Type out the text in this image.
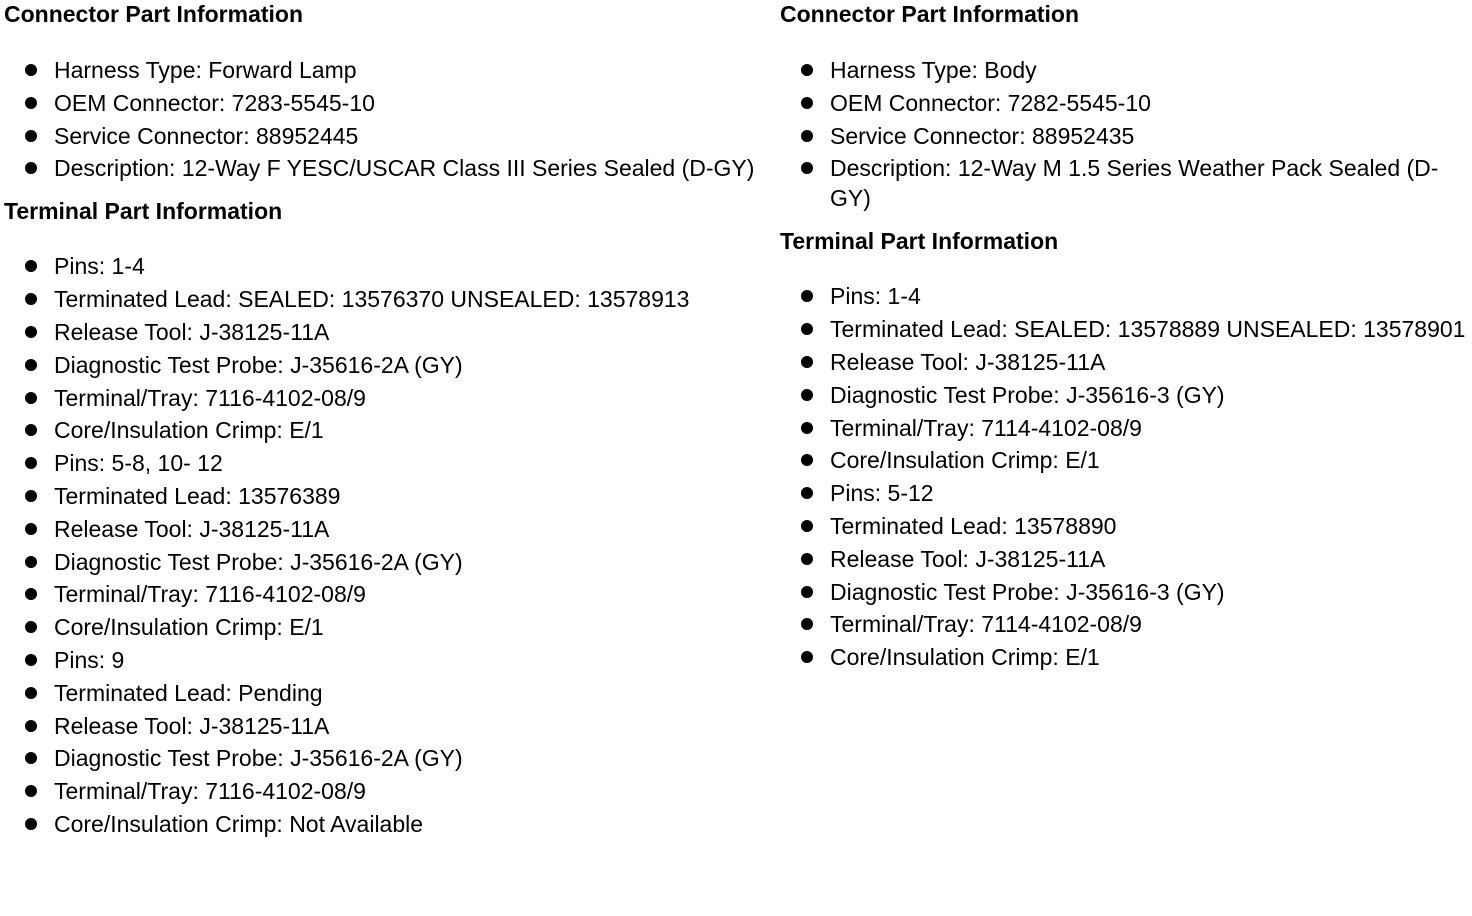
Connector Part Information
Harness Type: Forward Lamp
OEM Connector: 7283-5545-10
Service Connector: 88952445
Description: 12-Way F YESC/USCAR Class III Series Sealed (D-GY)
Terminal Part Information
Pins: 1-4
Terminated Lead: SEALED: 13576370 UNSEALED: 13578913
Release Tool: J-38125-11A
Diagnostic Test Probe: J-35616-2A (GY)
Terminal/Tray: 7116-4102-08/9
Core/Insulation Crimp: E/1
Pins: 5-8, 10- 12
Terminated Lead: 13576389
Release Tool: J-38125-11A
Diagnostic Test Probe: J-35616-2A (GY)
Terminal/Tray: 7116-4102-08/9
Core/Insulation Crimp: E/1
Pins: 9
Terminated Lead: Pending
Release Tool: J-38125-11A
Diagnostic Test Probe: J-35616-2A (GY)
Terminal/Tray: 7116-4102-08/9
Core/Insulation Crimp: Not Available
Connector Part Information
Harness Type: Body
OEM Connector: 7282-5545-10
Service Connector: 88952435
Description: 12-Way M 1.5 Series Weather Pack Sealed (D-GY)
Terminal Part Information
Pins: 1-4
Terminated Lead: SEALED: 13578889 UNSEALED: 13578901
Release Tool: J-38125-11A
Diagnostic Test Probe: J-35616-3 (GY)
Terminal/Tray: 7114-4102-08/9
Core/Insulation Crimp: E/1
Pins: 5-12
Terminated Lead: 13578890
Release Tool: J-38125-11A
Diagnostic Test Probe: J-35616-3 (GY)
Terminal/Tray: 7114-4102-08/9
Core/Insulation Crimp: E/1
